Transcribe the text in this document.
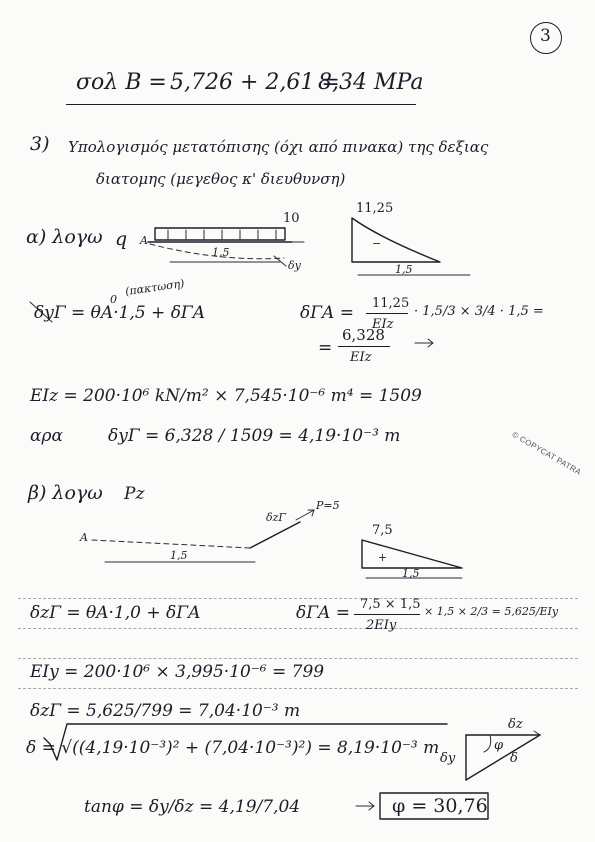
3
σολ Β = 5,726 + 2,61 =
8,34 MPa
3) Υπολογισμός μετατόπισης (όχι από πινακα) της δεξιας
διατομης (μεγεθος κ' διευθυνση)
α) λογω q
(πακτωση)
0
10
A
1,5
δy
11,25
−
1,5
δyΓ = θA·1,5 + δΓA	δΓA = 11,25
EIz
· 1,5/3 × 3/4 · 1,5 =
6,328
= EIz
EIz = 200·10⁶ kN/m² × 7,545·10⁻⁶ m⁴ = 1509
αρα	δyΓ = 6,328 / 1509 = 4,19·10⁻³ m	© COPYCAT PATRA
β) λογω Pz
A
1,5
δzΓ
P=5
7,5
+
1,5
δzΓ = θA·1,0 + δΓA	δΓA = 7,5 × 1,5
2EIy
× 1,5 × 2/3 = 5,625/EIy
EIy = 200·10⁶ × 3,995·10⁻⁶ = 799
δzΓ = 5,625/799 = 7,04·10⁻³ m
δ = √((4,19·10⁻³)² + (7,04·10⁻³)²) = 8,19·10⁻³ m
tanφ = δy/δz = 4,19/7,04	φ = 30,76
δz
φ
δ
δy
